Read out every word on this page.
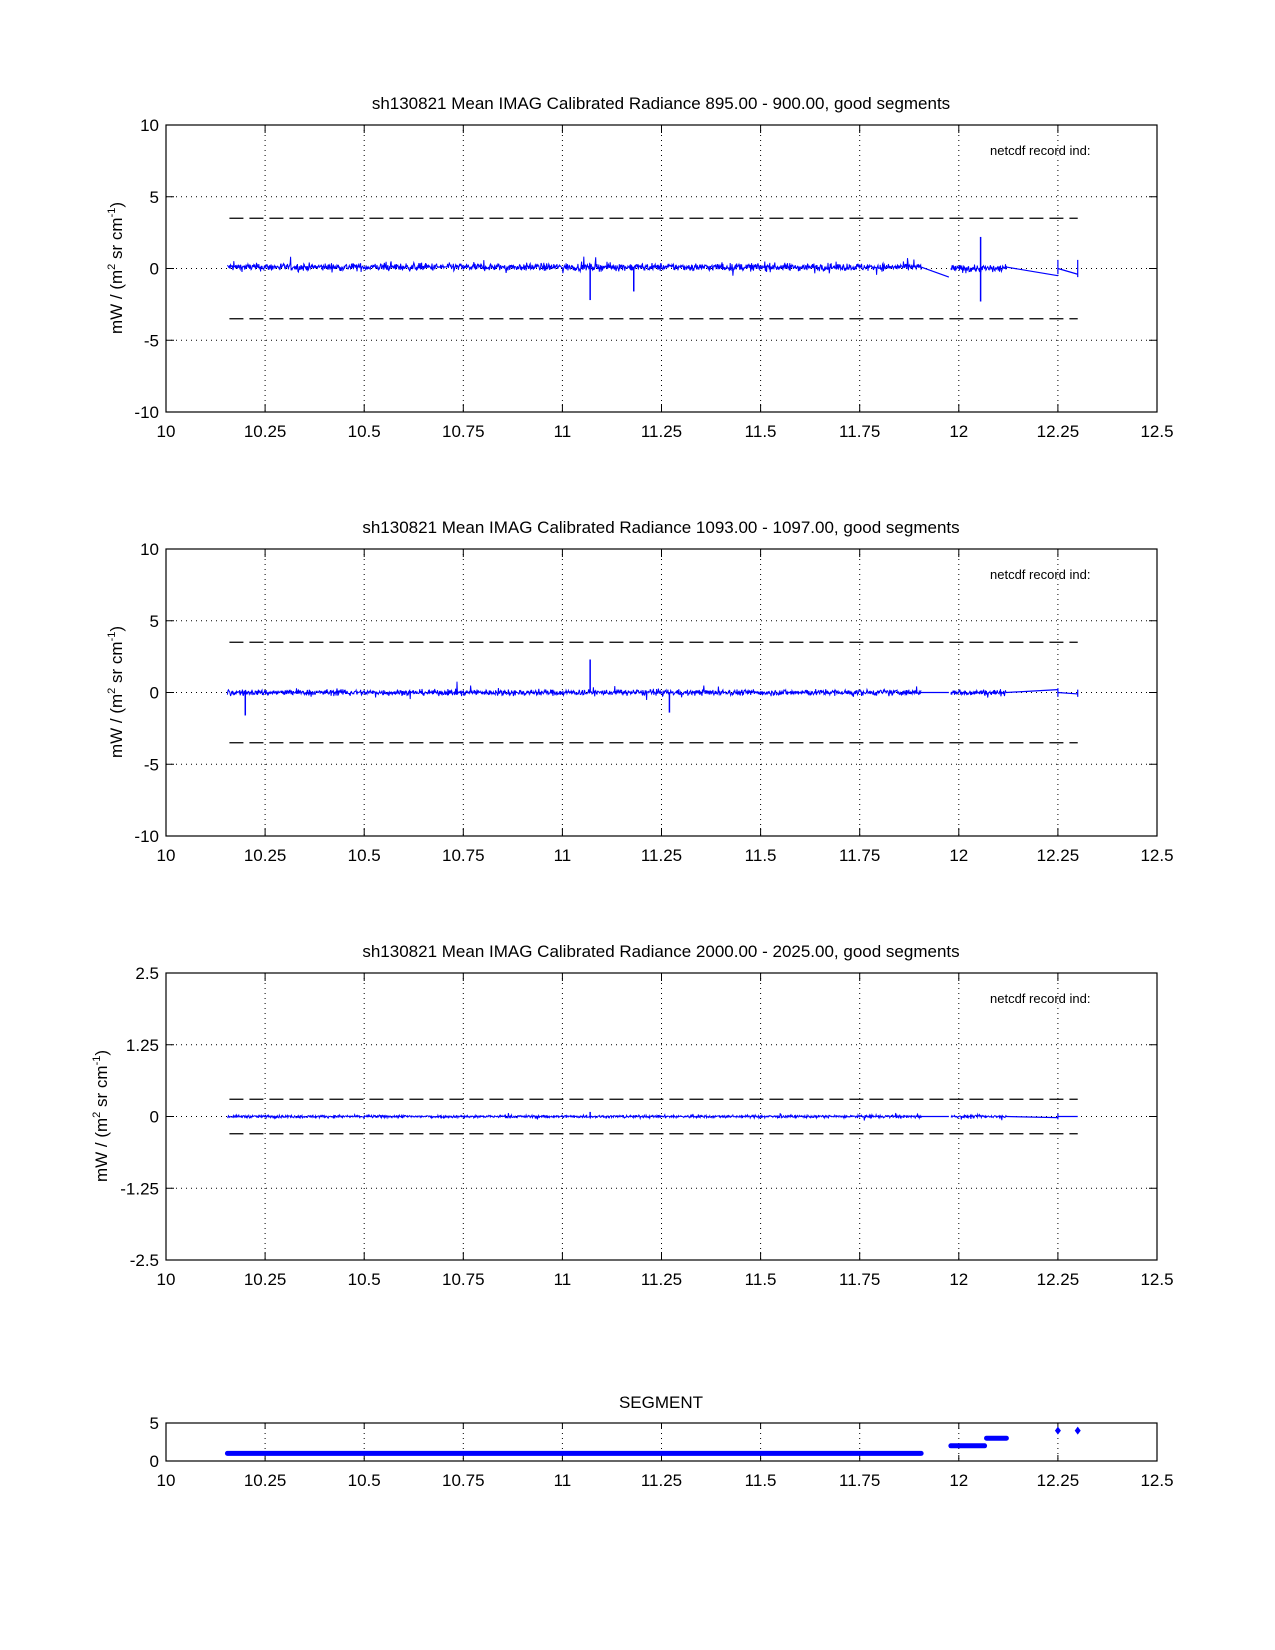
sh130821 Mean IMAG Calibrated Radiance 895.00 - 900.00, good segments
netcdf record ind:
mW / ($m^2$ sr $cm^{-1}$)
10	10.25	10.5	10.75	11	11.25	11.5	11.75	12	12.25	12.5
-10
-5
0
5
10
sh130821 Mean IMAG Calibrated Radiance 1093.00 - 1097.00, good segments
netcdf record ind:
mW / ($m^2$ sr $cm^{-1}$)
10	10.25	10.5	10.75	11	11.25	11.5	11.75	12	12.25	12.5
-10
-5
0
5
10
sh130821 Mean IMAG Calibrated Radiance 2000.00 - 2025.00, good segments
netcdf record ind:
mW / ($m^2$ sr $cm^{-1}$)
10	10.25	10.5	10.75	11	11.25	11.5	11.75	12	12.25	12.5
-2.5
-1.25
0
1.25
2.5
SEGMENT
10	10.25	10.5	10.75	11	11.25	11.5	11.75	12	12.25	12.5
0
5
